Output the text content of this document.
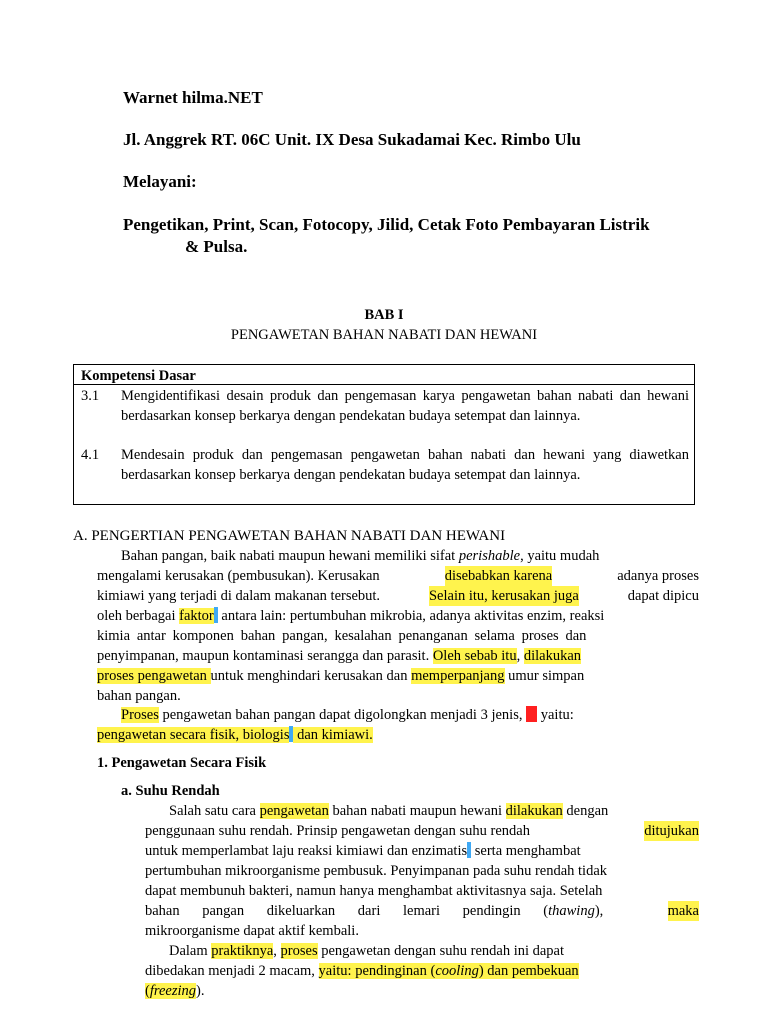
Warnet hilma.NET
Jl. Anggrek RT. 06C Unit. IX Desa Sukadamai Kec. Rimbo Ulu
Melayani:
Pengetikan, Print, Scan, Fotocopy, Jilid, Cetak Foto Pembayaran Listrik
& Pulsa.
BAB I
PENGAWETAN BAHAN NABATI DAN HEWANI
Kompetensi Dasar
3.1 Mengidentifikasi desain produk dan pengemasan karya pengawetan bahan nabati dan hewani berdasarkan konsep berkarya dengan pendekatan budaya setempat dan lainnya.
4.1 Mendesain produk dan pengemasan pengawetan bahan nabati dan hewani yang diawetkan berdasarkan konsep berkarya dengan pendekatan budaya setempat dan lainnya.
A. PENGERTIAN PENGAWETAN BAHAN NABATI DAN HEWANI
Bahan pangan, baik nabati maupun hewani memiliki sifat perishable, yaitu mudah
mengalami kerusakan (pembusukan). Kerusakan	disebabkan karena	adanya proses
kimiawi yang terjadi di dalam makanan tersebut.	Selain itu, kerusakan juga	dapat dipicu
oleh berbagai faktor antara lain: pertumbuhan mikrobia, adanya aktivitas enzim, reaksi
kimia antar komponen bahan pangan, kesalahan penanganan selama proses dan
penyimpanan, maupun kontaminasi serangga dan parasit. Oleh sebab itu, dilakukan
proses pengawetan untuk menghindari kerusakan dan memperpanjang umur simpan
bahan pangan.
Proses pengawetan bahan pangan dapat digolongkan menjadi 3 jenis,  yaitu:
pengawetan secara fisik, biologis dan kimiawi.
1. Pengawetan Secara Fisik
a. Suhu Rendah
Salah satu cara pengawetan bahan nabati maupun hewani dilakukan dengan
penggunaan suhu rendah. Prinsip pengawetan dengan suhu rendah	ditujukan
untuk memperlambat laju reaksi kimiawi dan enzimatis serta menghambat
pertumbuhan mikroorganisme pembusuk. Penyimpanan pada suhu rendah tidak
dapat membunuh bakteri, namun hanya menghambat aktivitasnya saja. Setelah
bahan pangan dikeluarkan dari lemari pendingin (thawing),	maka
mikroorganisme dapat aktif kembali.
Dalam praktiknya, proses pengawetan dengan suhu rendah ini dapat
dibedakan menjadi 2 macam, yaitu: pendinginan (cooling) dan pembekuan
(freezing).
